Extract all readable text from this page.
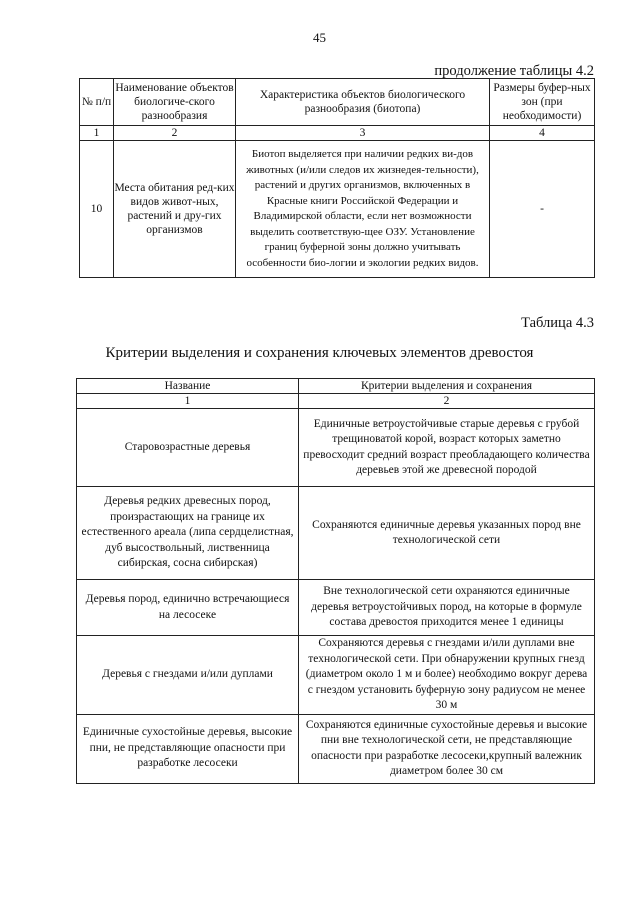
45
продолжение таблицы 4.2
№ п/п	Наименование объектов биологиче-ского разнообразия	Характеристика объектов биологического разнообразия (биотопа)	Размеры буфер-ных зон (при необходимости)
1	2	3	4
10	Места обитания ред-ких видов живот-ных, растений и дру-гих организмов	Биотоп выделяется при наличии редких ви-дов животных (и/или следов их жизнедея-тельности), растений и других организмов, включенных в Красные книги Российской Федерации и Владимирской области, если нет возможности выделить соответствую-щее ОЗУ. Установление границ буферной зоны должно учитывать особенности био-логии и экологии редких видов.	-
Таблица 4.3
Критерии выделения и сохранения ключевых элементов древостоя
Название	Критерии выделения и сохранения
1	2
Старовозрастные деревья	Единичные ветроустойчивые старые деревья с грубой трещиноватой корой, возраст которых заметно превосходит средний возраст преобладающего количества деревьев этой же древесной породой
Деревья редких древесных пород, произрастающих на границе их естественного ареала (липа сердцелистная, дуб высоствольный, лиственница сибирская, сосна сибирская)	Сохраняются единичные деревья указанных пород вне технологической сети
Деревья пород, единично встречающиеся на лесосеке	Вне технологической сети охраняются единичные деревья ветроустойчивых пород, на которые в формуле состава древостоя приходится менее 1 единицы
Деревья с гнездами и/или дуплами	Сохраняются деревья с гнездами и/или дуплами вне технологической сети. При обнаружении крупных гнезд (диаметром около 1 м и более) необходимо вокруг дерева с гнездом установить буферную зону радиусом не менее 30 м
Единичные сухостойные деревья, высокие пни, не представляющие опасности при разработке лесосеки	Сохраняются единичные сухостойные деревья и высокие пни вне технологической сети, не представляющие опасности при разработке лесосеки,крупный валежник диаметром более 30 см
